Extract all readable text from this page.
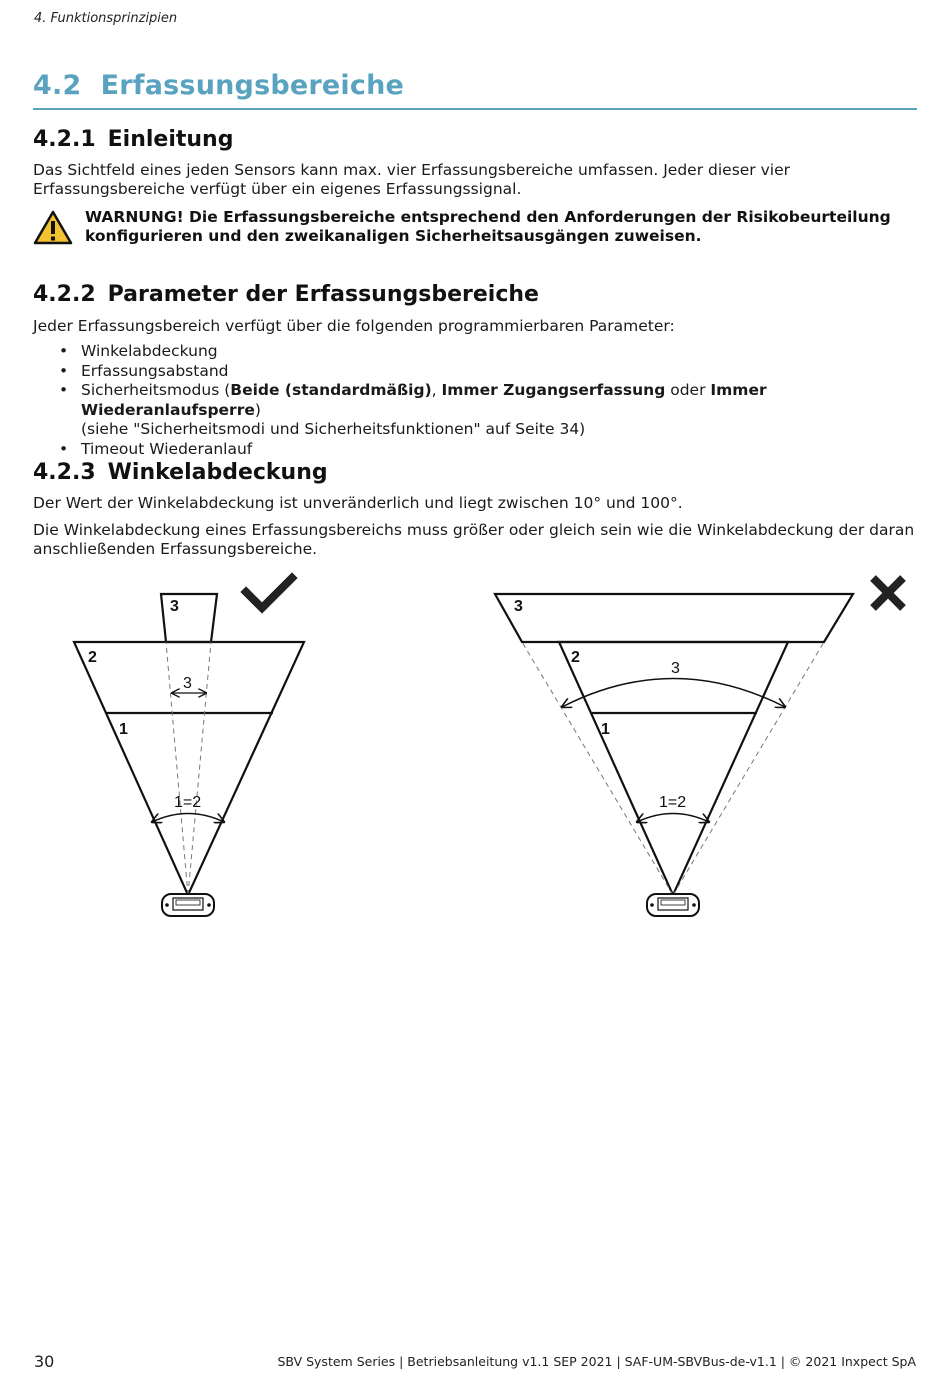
4. Funktionsprinzipien
4.2 Erfassungsbereiche
4.2.1 Einleitung

Das Sichtfeld eines jeden Sensors kann max. vier Erfassungsbereiche umfassen. Jeder dieser vier Erfassungsbereiche verfügt über ein eigenes Erfassungssignal.

WARNUNG! Die Erfassungsbereiche entsprechend den Anforderungen der Risikobeurteilung konfigurieren und den zweikanaligen Sicherheitsausgängen zuweisen.
4.2.2 Parameter der Erfassungsbereiche

Jeder Erfassungsbereich verfügt über die folgenden programmierbaren Parameter:

• Winkelabdeckung
• Erfassungsabstand
• Sicherheitsmodus (Beide (standardmäßig), Immer Zugangserfassung oder Immer Wiederanlaufsperre)
(siehe "Sicherheitsmodi und Sicherheitsfunktionen" auf Seite 34)
• Timeout Wiederanlauf
4.2.3 Winkelabdeckung

Der Wert der Winkelabdeckung ist unveränderlich und liegt zwischen 10° und 100°.

Die Winkelabdeckung eines Erfassungsbereichs muss größer oder gleich sein wie die Winkelabdeckung der daran anschließenden Erfassungsbereiche.

3
2
1
3
1=2
3
2
1
3
1=2
30	SBV System Series | Betriebsanleitung v1.1 SEP 2021 | SAF-UM-SBVBus-de-v1.1 | © 2021 Inxpect SpA
